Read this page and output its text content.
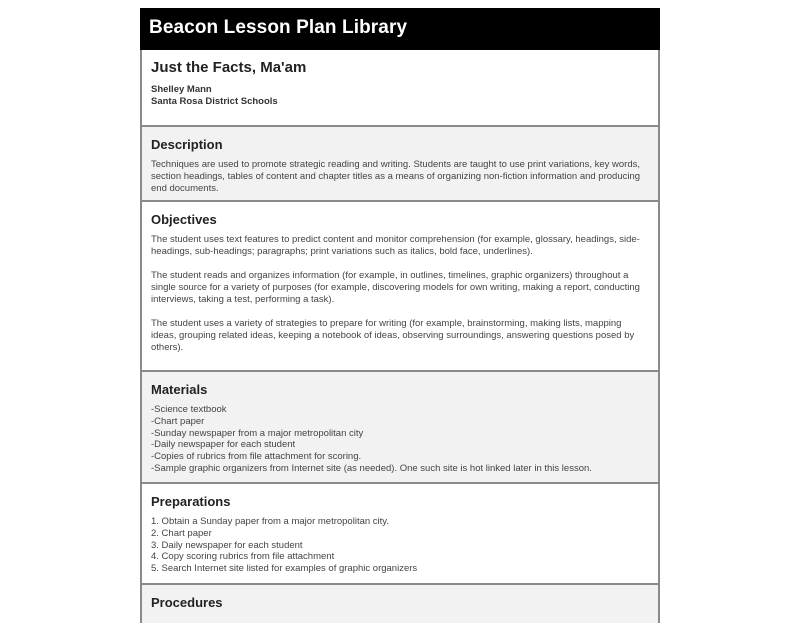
Beacon Lesson Plan Library
Just the Facts, Ma'am
Shelley Mann
Santa Rosa District Schools
Description

Techniques are used to promote strategic reading and writing. Students are taught to use print variations, key words, section headings, tables of content and chapter titles as a means of organizing non-fiction information and producing end documents.

Objectives

The student uses text features to predict content and monitor comprehension (for example, glossary, headings, side-headings, sub-headings; paragraphs; print variations such as italics, bold face, underlines).

The student reads and organizes information (for example, in outlines, timelines, graphic organizers) throughout a single source for a variety of purposes (for example, discovering models for own writing, making a report, conducting interviews, taking a test, performing a task).

The student uses a variety of strategies to prepare for writing (for example, brainstorming, making lists, mapping ideas, grouping related ideas, keeping a notebook of ideas, observing surroundings, answering questions posed by others).

Materials
-Science textbook
-Chart paper
-Sunday newspaper from a major metropolitan city
-Daily newspaper for each student
-Copies of rubrics from file attachment for scoring.
-Sample graphic organizers from Internet site (as needed). One such site is hot linked later in this lesson.
Preparations
1. Obtain a Sunday paper from a major metropolitan city.
2. Chart paper
3. Daily newspaper for each student
4. Copy scoring rubrics from file attachment
5. Search Internet site listed for examples of graphic organizers
Procedures
